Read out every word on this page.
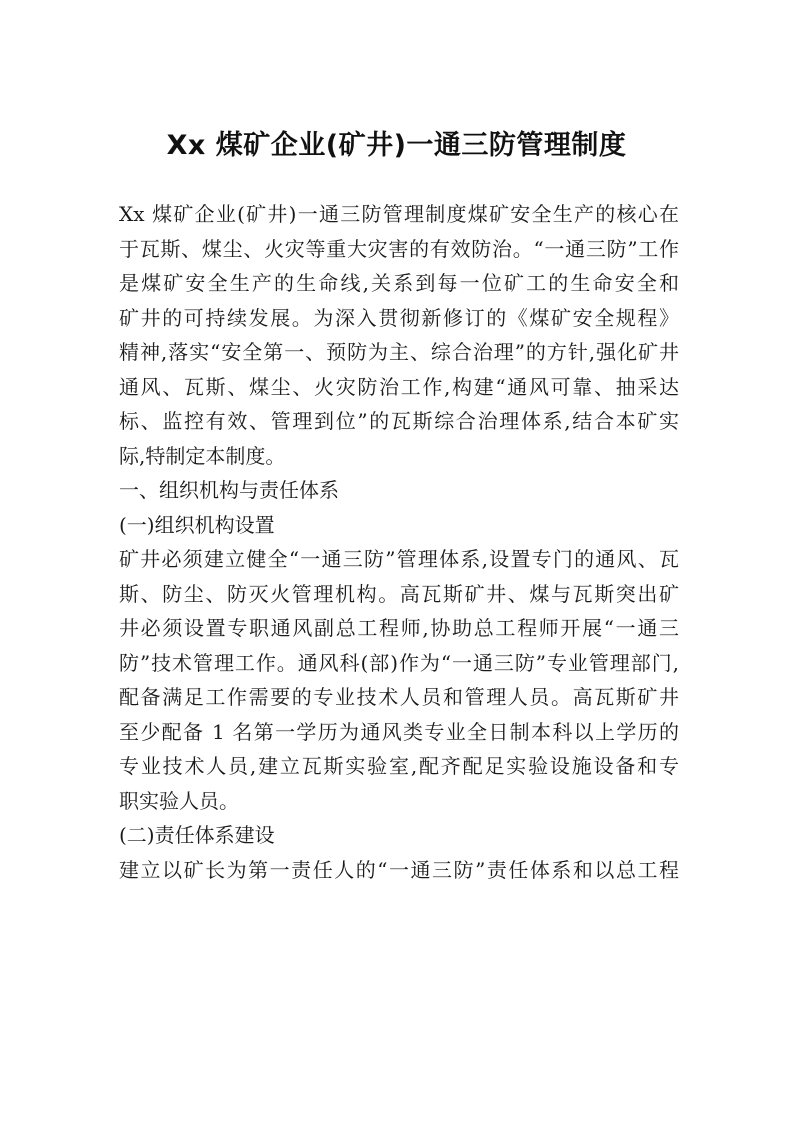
Xx 煤矿企业(矿井)一通三防管理制度
Xx 煤矿企业(矿井)一通三防管理制度煤矿安全生产的核心在
于瓦斯、煤尘、火灾等重大灾害的有效防治。“一通三防”工作
是煤矿安全生产的生命线,关系到每一位矿工的生命安全和
矿井的可持续发展。为深入贯彻新修订的《煤矿安全规程》
精神,落实“安全第一、预防为主、综合治理”的方针,强化矿井
通风、瓦斯、煤尘、火灾防治工作,构建“通风可靠、抽采达
标、监控有效、管理到位”的瓦斯综合治理体系,结合本矿实
际,特制定本制度。
一、组织机构与责任体系
(一)组织机构设置
矿井必须建立健全“一通三防”管理体系,设置专门的通风、瓦
斯、防尘、防灭火管理机构。高瓦斯矿井、煤与瓦斯突出矿
井必须设置专职通风副总工程师,协助总工程师开展“一通三
防”技术管理工作。通风科(部)作为“一通三防”专业管理部门,
配备满足工作需要的专业技术人员和管理人员。高瓦斯矿井
至少配备 1 名第一学历为通风类专业全日制本科以上学历的
专业技术人员,建立瓦斯实验室,配齐配足实验设施设备和专
职实验人员。
(二)责任体系建设
建立以矿长为第一责任人的“一通三防”责任体系和以总工程
